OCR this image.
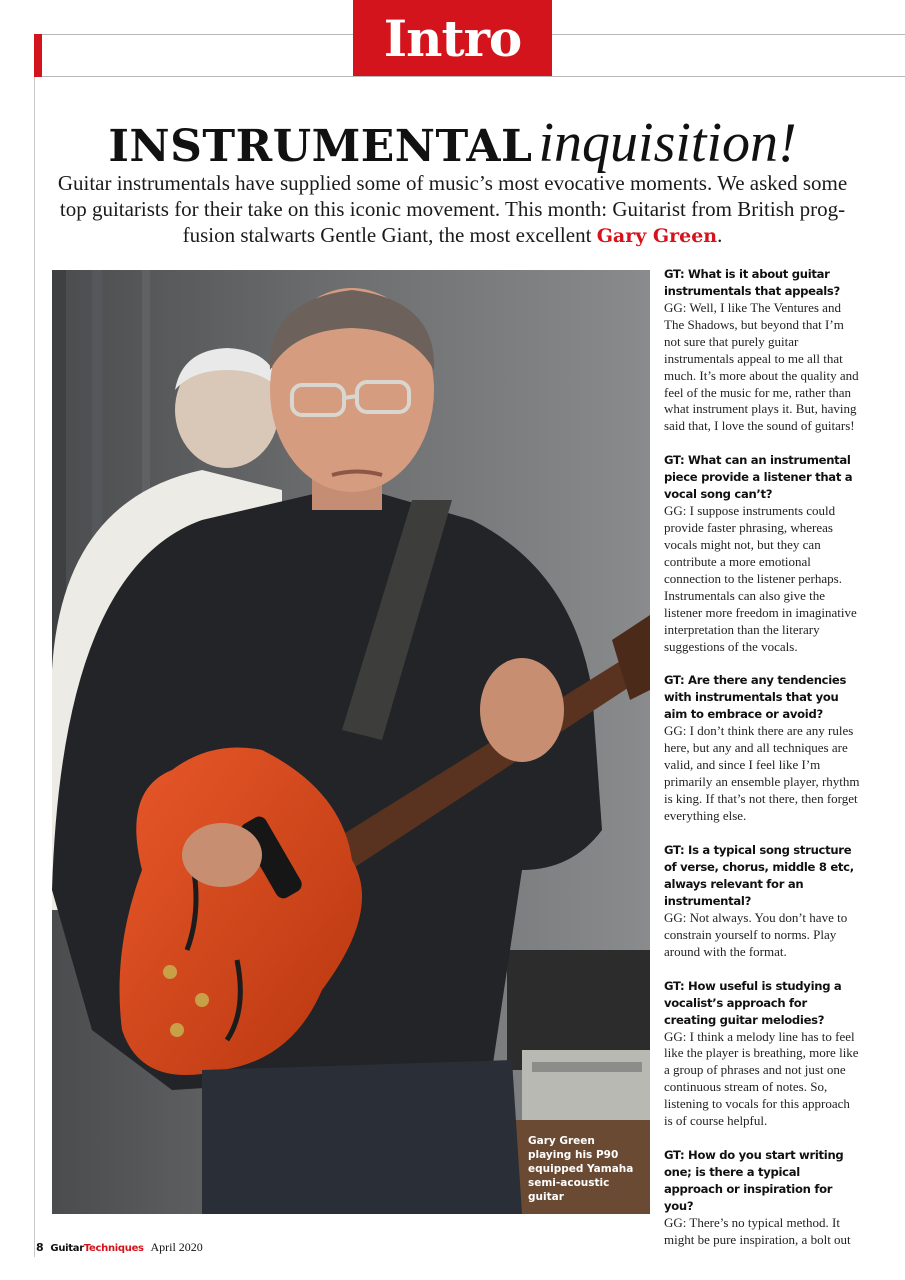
Intro
INSTRUMENTAL inquisition!
Guitar instrumentals have supplied some of music’s most evocative moments. We asked some top guitarists for their take on this iconic movement. This month: Guitarist from British prog-fusion stalwarts Gentle Giant, the most excellent Gary Green.
Gary Green playing his P90 equipped Yamaha semi-acoustic guitar
GT: What is it about guitar instrumentals that appeals?
GG: Well, I like The Ventures and The Shadows, but beyond that I’m not sure that purely guitar instrumentals appeal to me all that much. It’s more about the quality and feel of the music for me, rather than what instrument plays it. But, having said that, I love the sound of guitars!
GT: What can an instrumental piece provide a listener that a vocal song can’t?
GG: I suppose instruments could provide faster phrasing, whereas vocals might not, but they can contribute a more emotional connection to the listener perhaps. Instrumentals can also give the listener more freedom in imaginative interpretation than the literary suggestions of the vocals.
GT: Are there any tendencies with instrumentals that you aim to embrace or avoid?
GG: I don’t think there are any rules here, but any and all techniques are valid, and since I feel like I’m primarily an ensemble player, rhythm is king. If that’s not there, then forget everything else.
GT: Is a typical song structure of verse, chorus, middle 8 etc, always relevant for an instrumental?
GG: Not always. You don’t have to constrain yourself to norms. Play around with the format.
GT: How useful is studying a vocalist’s approach for creating guitar melodies?
GG: I think a melody line has to feel like the player is breathing, more like a group of phrases and not just one continuous stream of notes. So, listening to vocals for this approach is of course helpful.
GT: How do you start writing one; is there a typical approach or inspiration for you?
GG: There’s no typical method. It might be pure inspiration, a bolt out
8 GuitarTechniques April 2020
